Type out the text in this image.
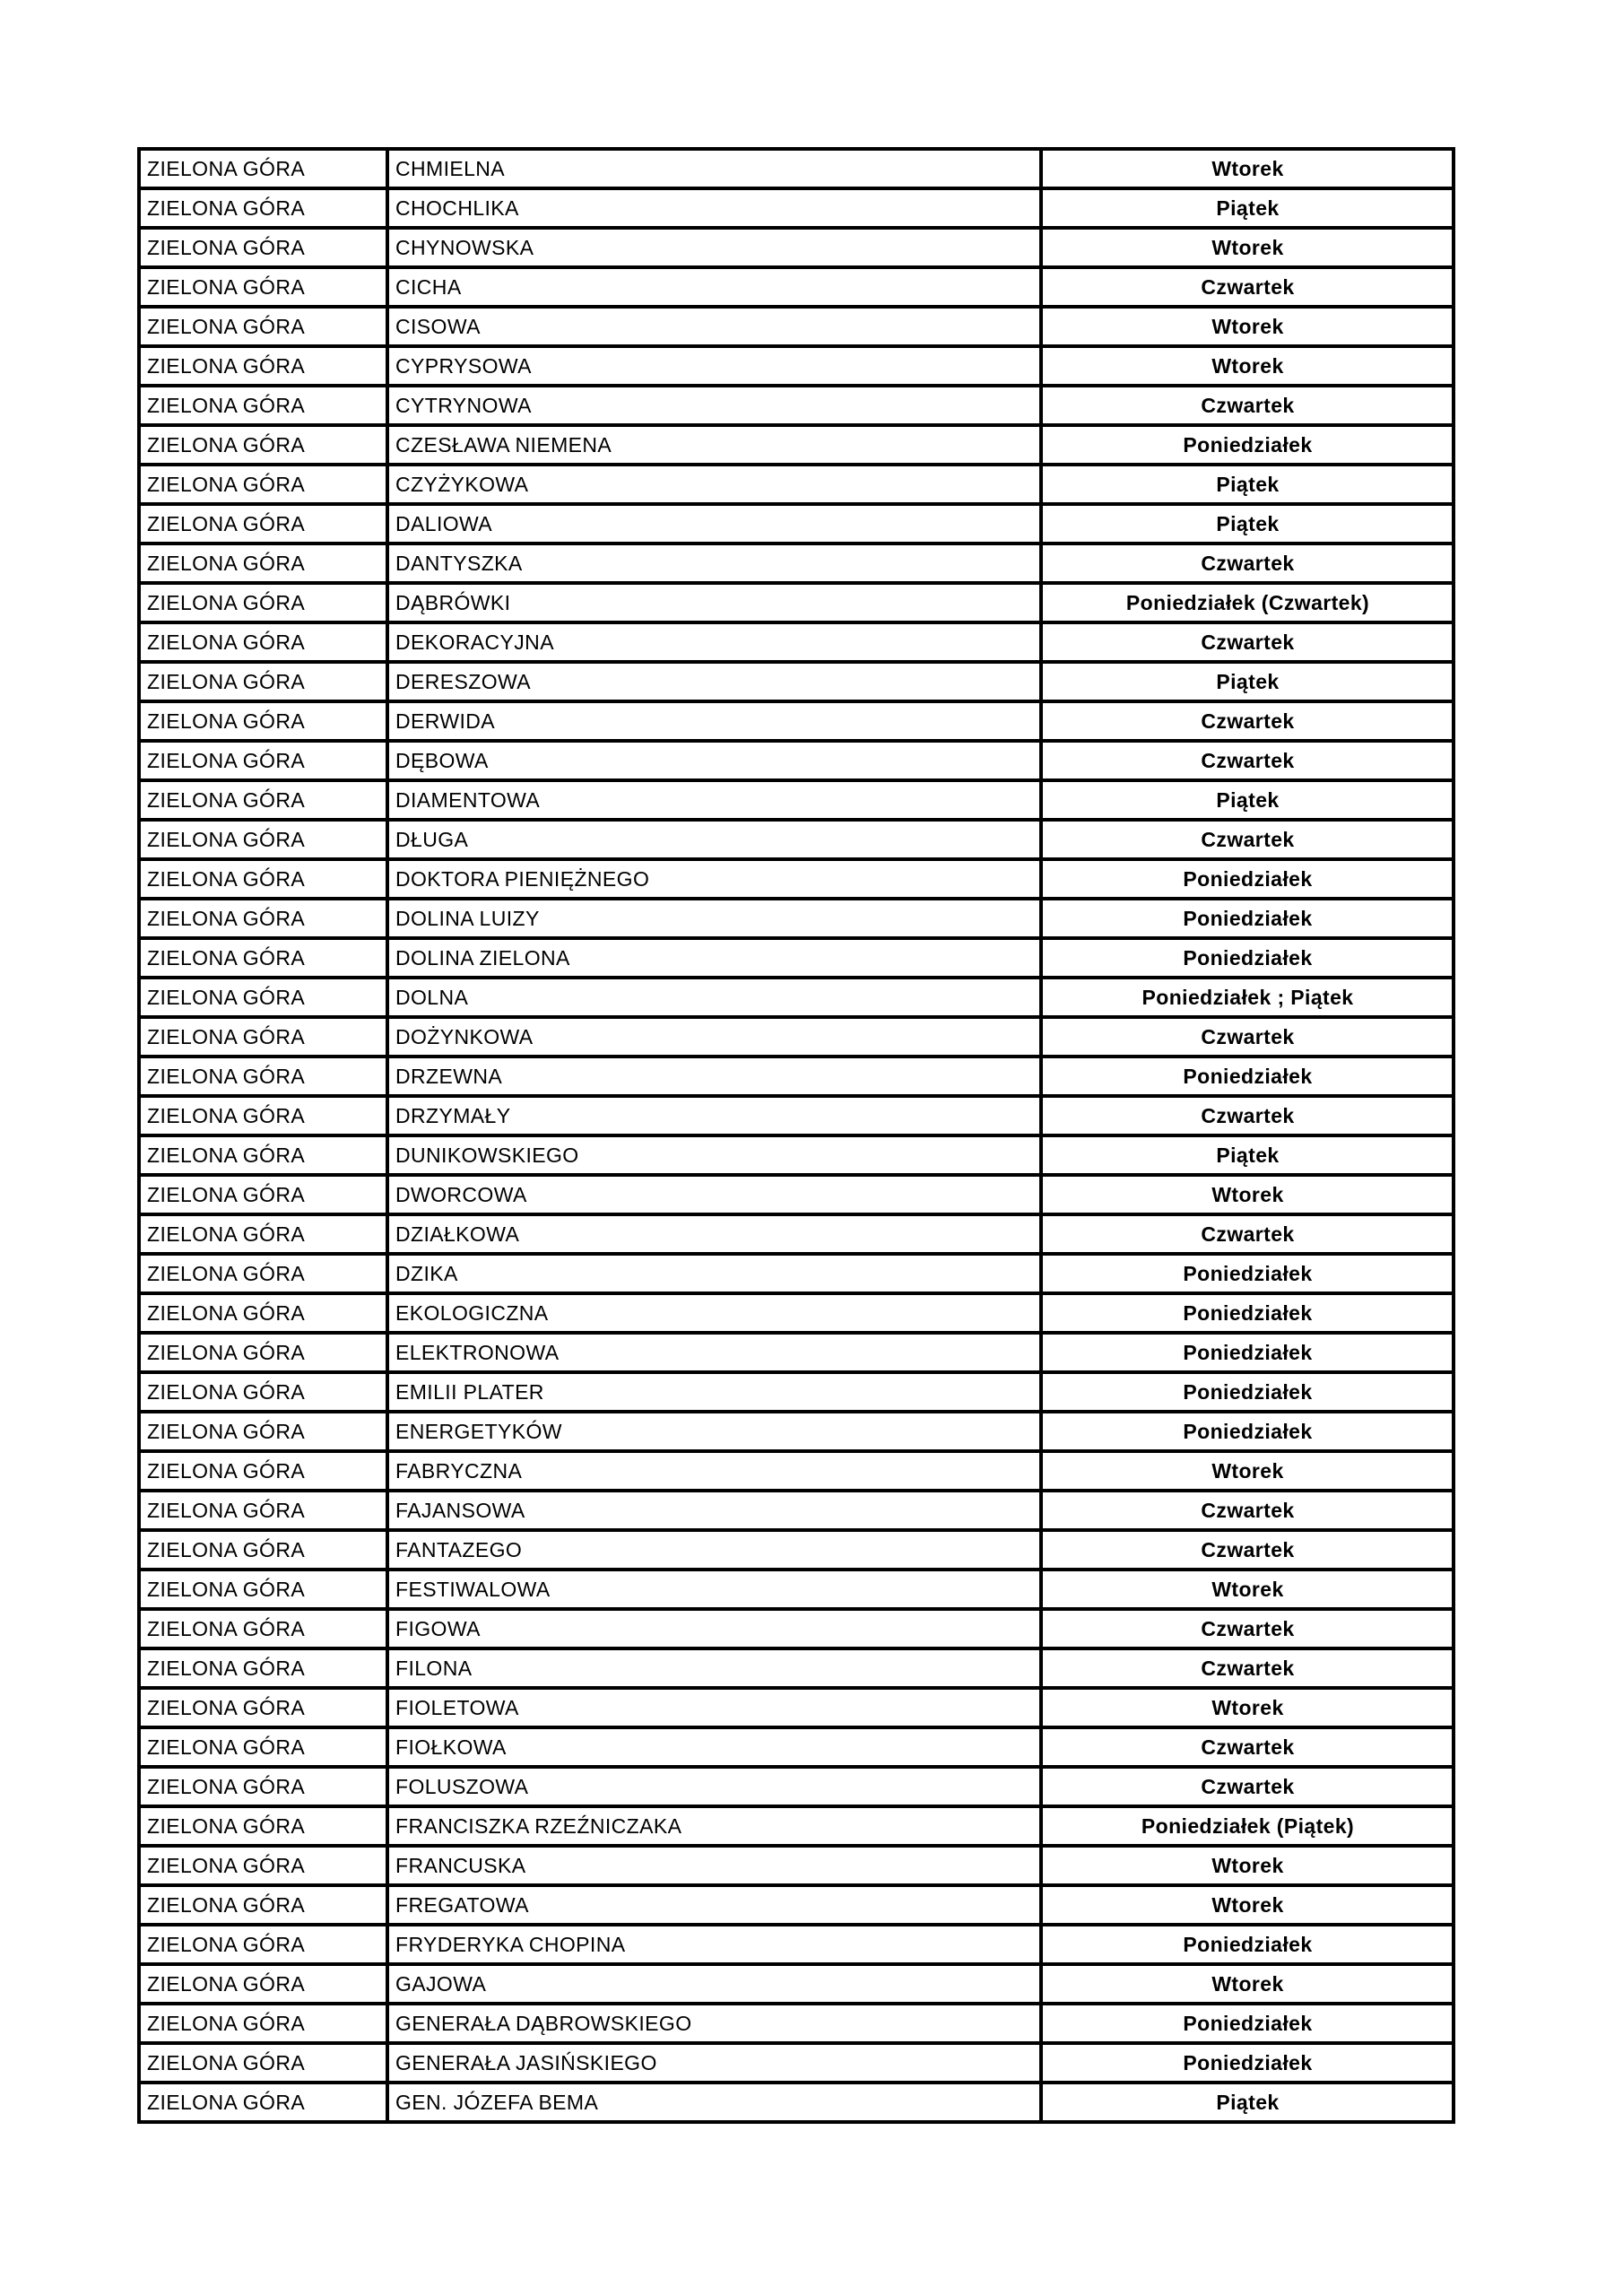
ZIELONA GÓRA	CHMIELNA	Wtorek
ZIELONA GÓRA	CHOCHLIKA	Piątek
ZIELONA GÓRA	CHYNOWSKA	Wtorek
ZIELONA GÓRA	CICHA	Czwartek
ZIELONA GÓRA	CISOWA	Wtorek
ZIELONA GÓRA	CYPRYSOWA	Wtorek
ZIELONA GÓRA	CYTRYNOWA	Czwartek
ZIELONA GÓRA	CZESŁAWA NIEMENA	Poniedziałek
ZIELONA GÓRA	CZYŻYKOWA	Piątek
ZIELONA GÓRA	DALIOWA	Piątek
ZIELONA GÓRA	DANTYSZKA	Czwartek
ZIELONA GÓRA	DĄBRÓWKI	Poniedziałek (Czwartek)
ZIELONA GÓRA	DEKORACYJNA	Czwartek
ZIELONA GÓRA	DERESZOWA	Piątek
ZIELONA GÓRA	DERWIDA	Czwartek
ZIELONA GÓRA	DĘBOWA	Czwartek
ZIELONA GÓRA	DIAMENTOWA	Piątek
ZIELONA GÓRA	DŁUGA	Czwartek
ZIELONA GÓRA	DOKTORA PIENIĘŻNEGO	Poniedziałek
ZIELONA GÓRA	DOLINA LUIZY	Poniedziałek
ZIELONA GÓRA	DOLINA ZIELONA	Poniedziałek
ZIELONA GÓRA	DOLNA	Poniedziałek ; Piątek
ZIELONA GÓRA	DOŻYNKOWA	Czwartek
ZIELONA GÓRA	DRZEWNA	Poniedziałek
ZIELONA GÓRA	DRZYMAŁY	Czwartek
ZIELONA GÓRA	DUNIKOWSKIEGO	Piątek
ZIELONA GÓRA	DWORCOWA	Wtorek
ZIELONA GÓRA	DZIAŁKOWA	Czwartek
ZIELONA GÓRA	DZIKA	Poniedziałek
ZIELONA GÓRA	EKOLOGICZNA	Poniedziałek
ZIELONA GÓRA	ELEKTRONOWA	Poniedziałek
ZIELONA GÓRA	EMILII PLATER	Poniedziałek
ZIELONA GÓRA	ENERGETYKÓW	Poniedziałek
ZIELONA GÓRA	FABRYCZNA	Wtorek
ZIELONA GÓRA	FAJANSOWA	Czwartek
ZIELONA GÓRA	FANTAZEGO	Czwartek
ZIELONA GÓRA	FESTIWALOWA	Wtorek
ZIELONA GÓRA	FIGOWA	Czwartek
ZIELONA GÓRA	FILONA	Czwartek
ZIELONA GÓRA	FIOLETOWA	Wtorek
ZIELONA GÓRA	FIOŁKOWA	Czwartek
ZIELONA GÓRA	FOLUSZOWA	Czwartek
ZIELONA GÓRA	FRANCISZKA RZEŹNICZAKA	Poniedziałek (Piątek)
ZIELONA GÓRA	FRANCUSKA	Wtorek
ZIELONA GÓRA	FREGATOWA	Wtorek
ZIELONA GÓRA	FRYDERYKA CHOPINA	Poniedziałek
ZIELONA GÓRA	GAJOWA	Wtorek
ZIELONA GÓRA	GENERAŁA DĄBROWSKIEGO	Poniedziałek
ZIELONA GÓRA	GENERAŁA JASIŃSKIEGO	Poniedziałek
ZIELONA GÓRA	GEN. JÓZEFA BEMA	Piątek
